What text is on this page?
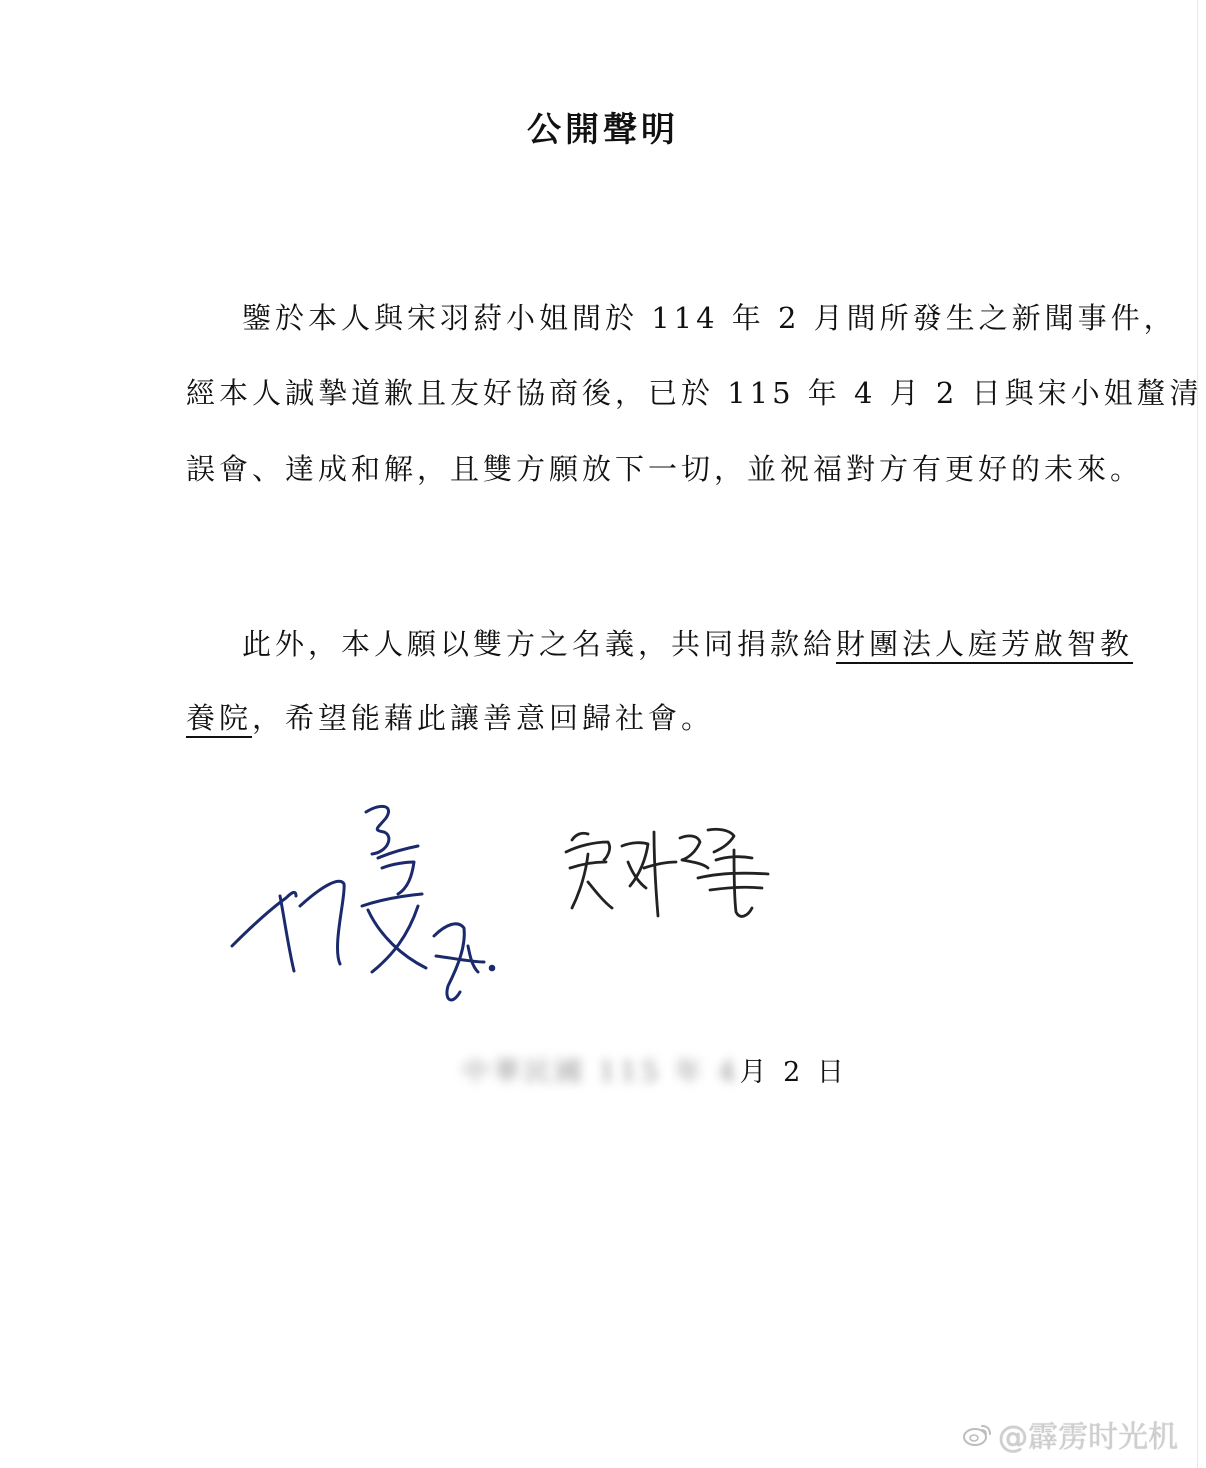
公開聲明
鑒於本人與宋羽葤小姐間於 114 年 2 月間所發生之新聞事件，
經本人誠摯道歉且友好協商後，已於 115 年 4 月 2 日與宋小姐釐清
誤會、達成和解，且雙方願放下一切，並祝福對方有更好的未來。
此外，本人願以雙方之名義，共同捐款給財團法人庭芳啟智教
養院，希望能藉此讓善意回歸社會。
中華民國 115 年 4月 2 日
@霹雳时光机
